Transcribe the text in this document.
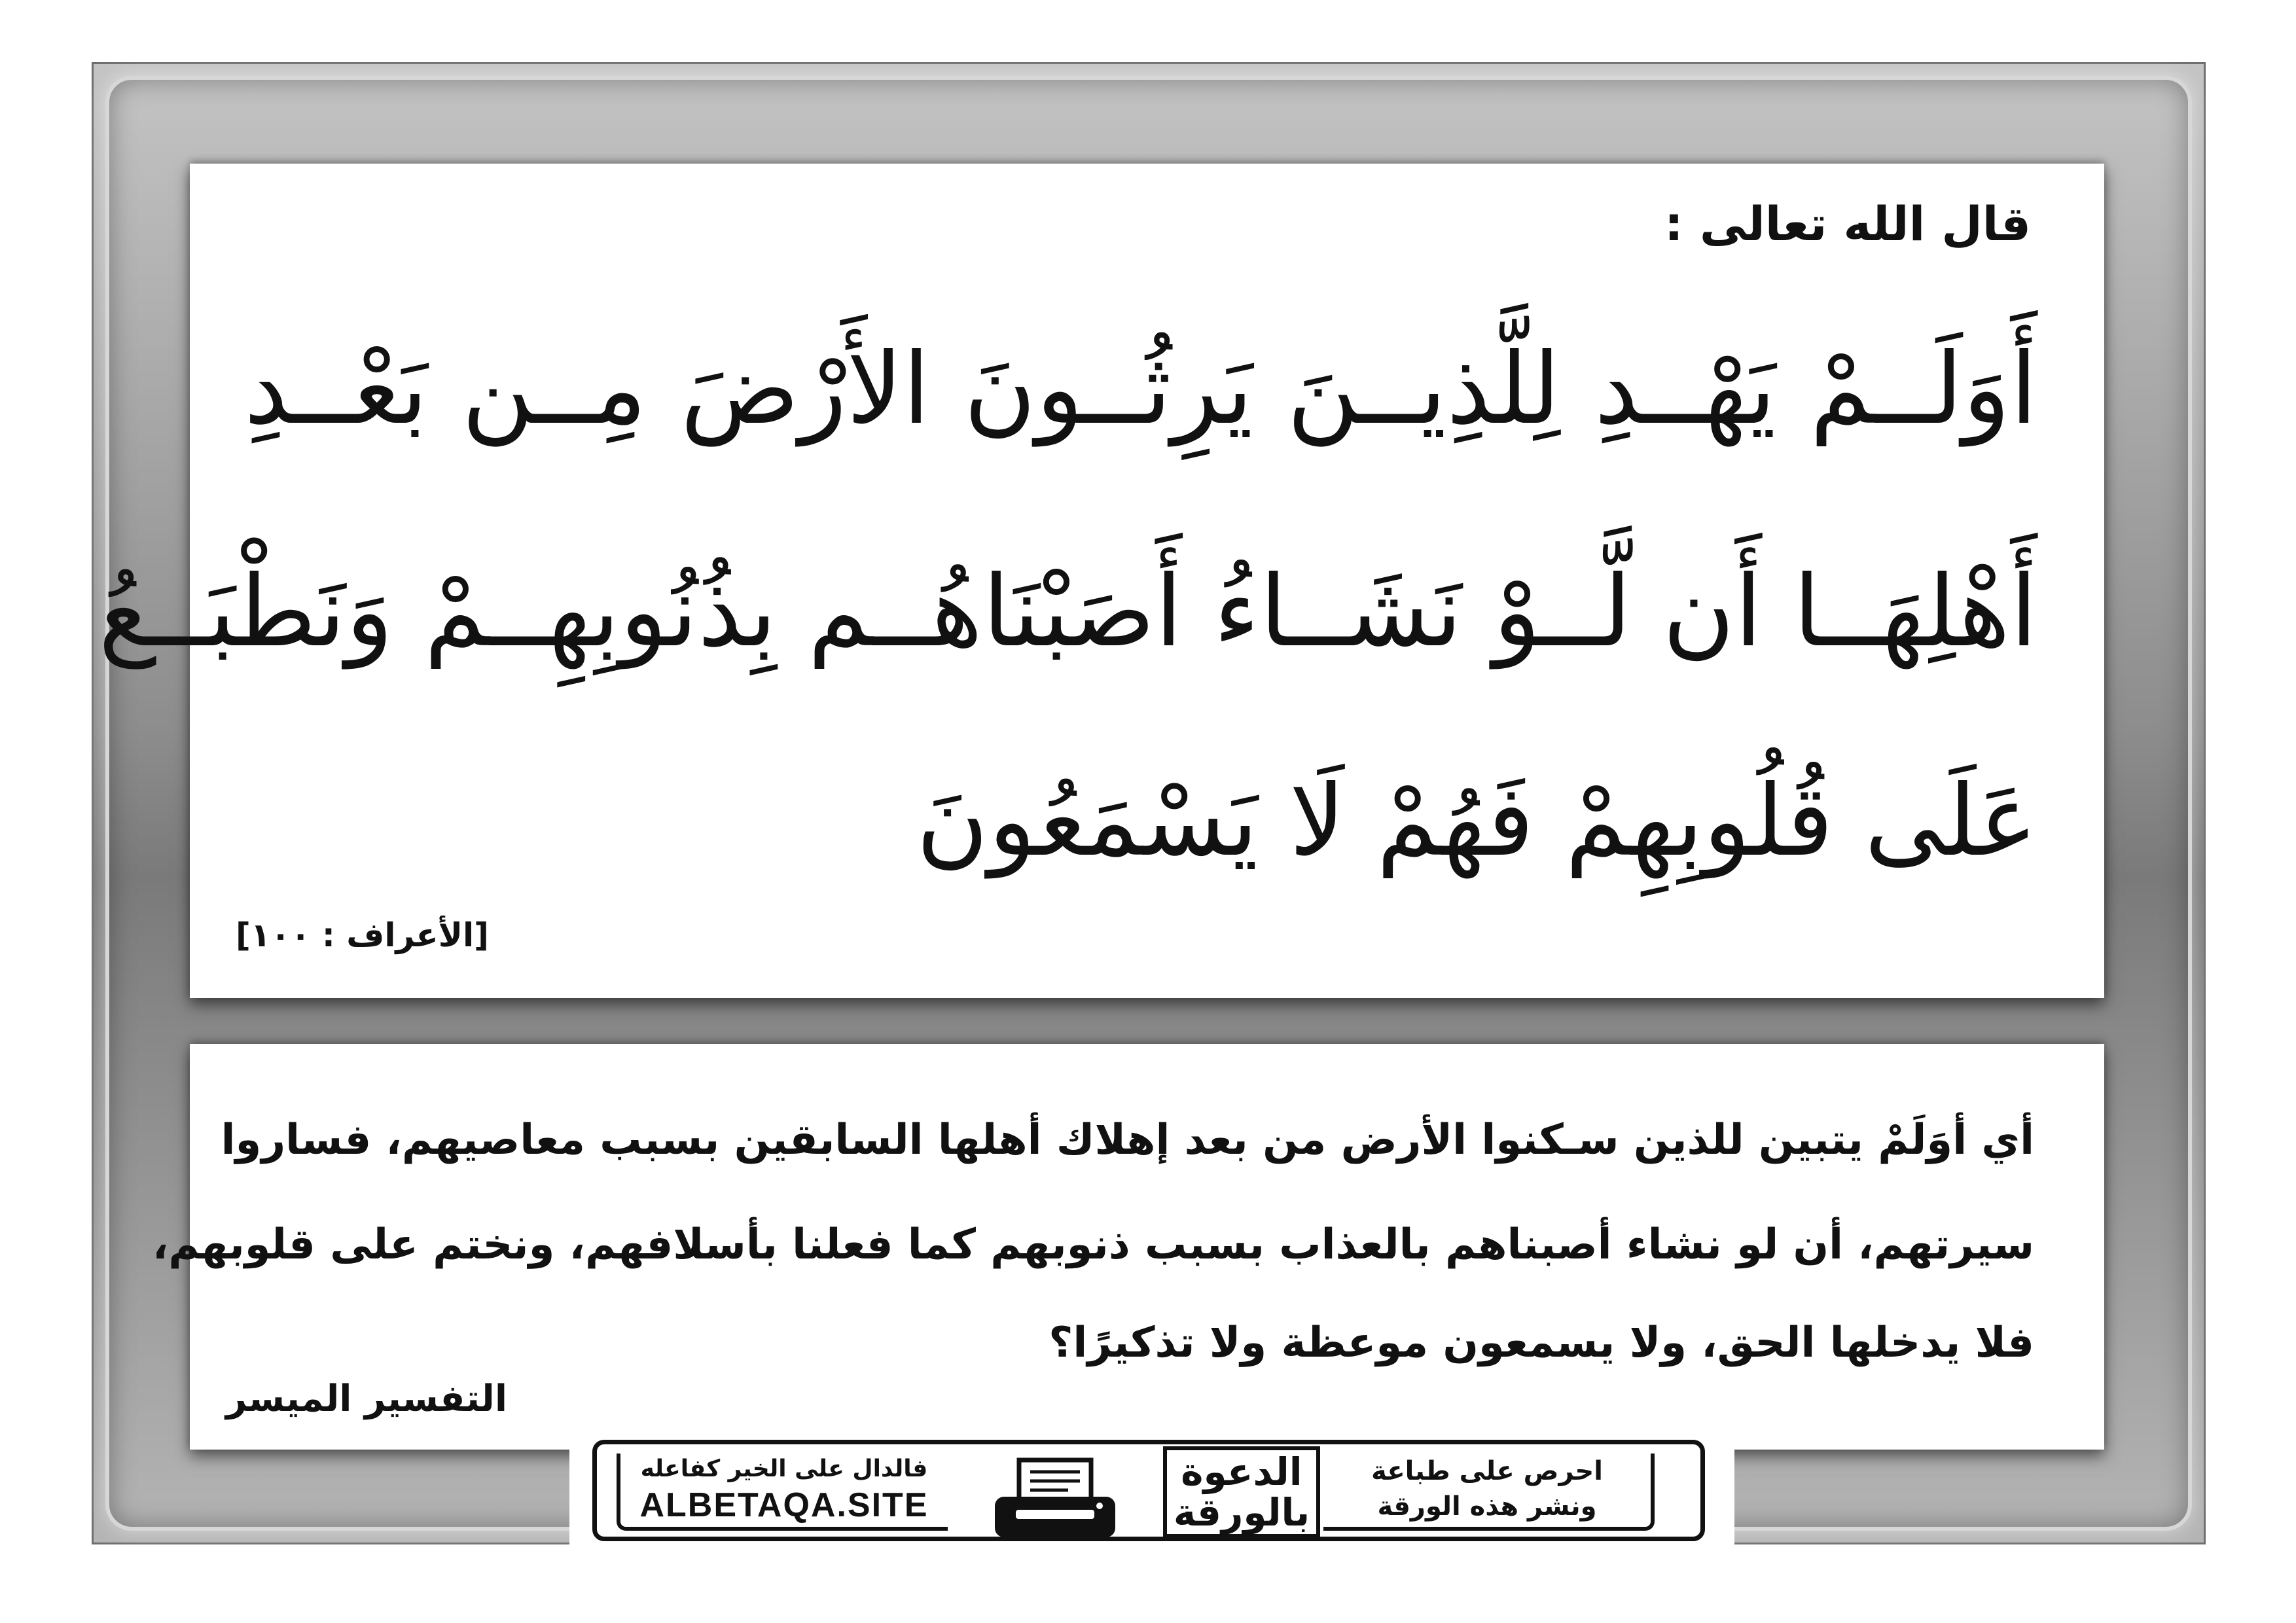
قال الله تعالى :
أَوَلَــمْ يَهْــدِ لِلَّذِيــنَ يَرِثُــونَ الأَرْضَ مِــن بَعْــدِ
أَهْلِهَــا أَن لَّــوْ نَشَــاءُ أَصَبْنَاهُــم بِذُنُوبِهِــمْ وَنَطْبَــعُ
عَلَى قُلُوبِهِمْ فَهُمْ لَا يَسْمَعُونَ
[الأعراف : ١٠٠]
أي أوَلَمْ يتبين للذين سـكنوا الأرض من بعد إهلاك أهلها السابقين بسبب معاصيهم، فساروا
سيرتهم، أن لو نشاء أصبناهم بالعذاب بسبب ذنوبهم كما فعلنا بأسلافهم، ونختم على قلوبهم،
فلا يدخلها الحق، ولا يسمعون موعظة ولا تذكيرًا؟
التفسير الميسر
احرص على طباعة
ونشر هذه الورقة
الدعوة
بالورقة
فالدال على الخير كفاعله
ALBETAQA.SITE
